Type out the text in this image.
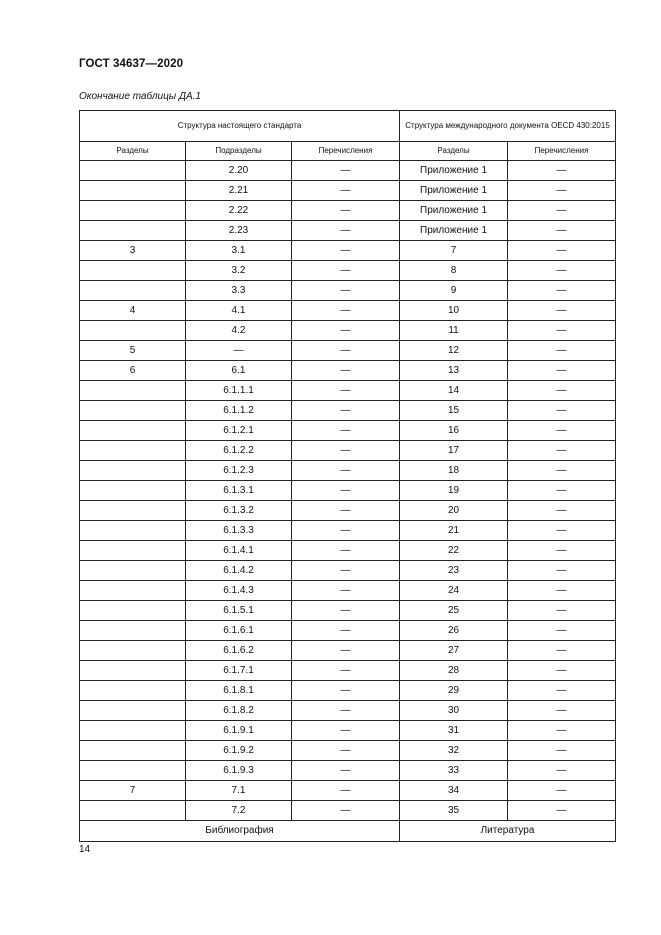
ГОСТ 34637—2020
Окончание таблицы ДА.1
Структура настоящего стандарта			Структура международного документа OECD 430:2015	
Разделы	Подразделы	Перечисления	Разделы	Перечисления
	2.20	—	Приложение 1	—
	2.21	—	Приложение 1	—
	2.22	—	Приложение 1	—
	2.23	—	Приложение 1	—
3	3.1	—	7	—
	3.2	—	8	—
	3.3	—	9	—
4	4.1	—	10	—
	4.2	—	11	—
5	—	—	12	—
6	6.1	—	13	—
	6.1.1.1	—	14	—
	6.1.1.2	—	15	—
	6.1.2.1	—	16	—
	6.1.2.2	—	17	—
	6.1.2.3	—	18	—
	6.1.3.1	—	19	—
	6.1.3.2	—	20	—
	6.1.3.3	—	21	—
	6.1.4.1	—	22	—
	6.1.4.2	—	23	—
	6.1.4.3	—	24	—
	6.1.5.1	—	25	—
	6.1.6.1	—	26	—
	6.1.6.2	—	27	—
	6.1.7.1	—	28	—
	6.1.8.1	—	29	—
	6.1.8.2	—	30	—
	6.1.9.1	—	31	—
	6.1.9.2	—	32	—
	6.1.9.3	—	33	—
7	7.1	—	34	—
	7.2	—	35	—
Библиография			Литература	
14
